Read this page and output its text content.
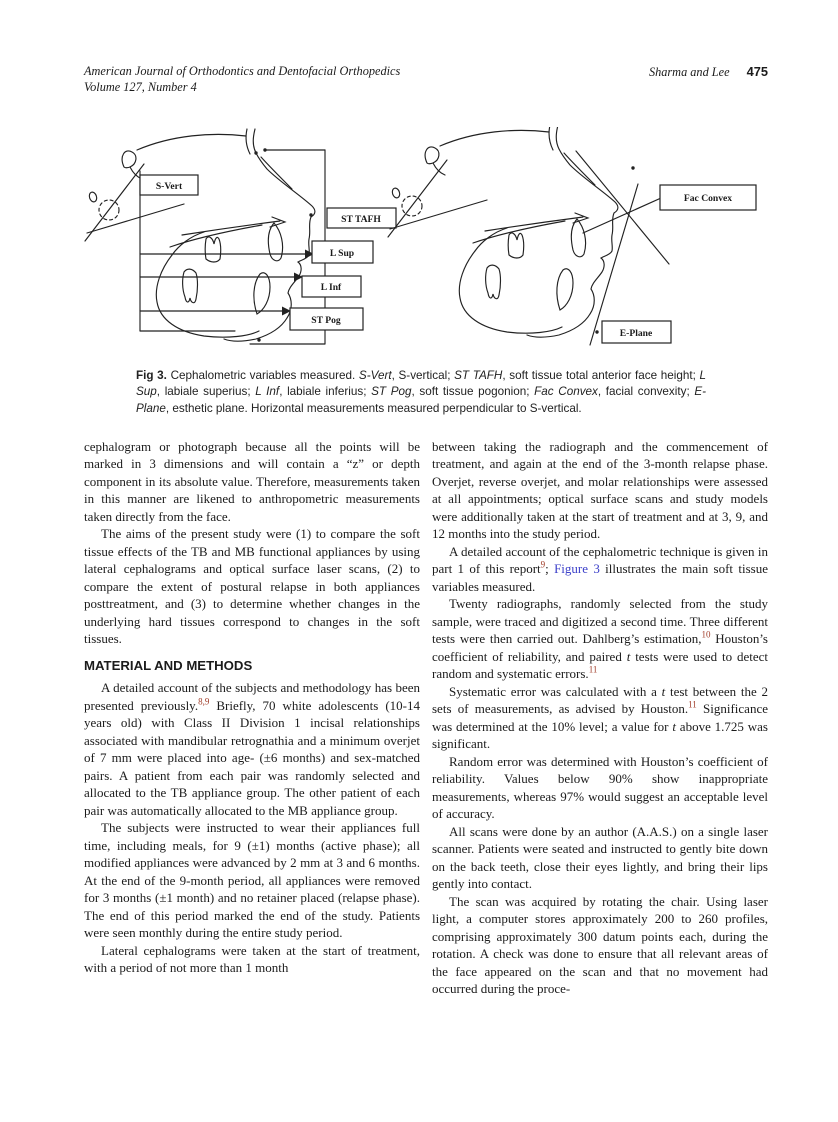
American Journal of Orthodontics and Dentofacial Orthopedics
Volume 127, Number 4
Sharma and Lee 475
S-Vert
ST TAFH
L Sup
L Inf
ST Pog
Fac Convex
E-Plane
Fig 3. Cephalometric variables measured. S-Vert, S-vertical; ST TAFH, soft tissue total anterior face height; L Sup, labiale superius; L Inf, labiale inferius; ST Pog, soft tissue pogonion; Fac Convex, facial convexity; E-Plane, esthetic plane. Horizontal measurements measured perpendicular to S-vertical.

cephalogram or photograph because all the points will be marked in 3 dimensions and will contain a “z” or depth component in its absolute value. Therefore, measurements taken in this manner are likened to anthropometric measurements taken directly from the face.

The aims of the present study were (1) to compare the soft tissue effects of the TB and MB functional appliances by using lateral cephalograms and optical surface laser scans, (2) to compare the extent of postural relapse in both appliances posttreatment, and (3) to determine whether changes in the underlying hard tissues correspond to changes in the soft tissues.

MATERIAL AND METHODS

A detailed account of the subjects and methodology has been presented previously.$^{8,9}$ Briefly, 70 white adolescents (10-14 years old) with Class II Division 1 incisal relationships associated with mandibular retrognathia and a minimum overjet of 7 mm were placed into age- (±6 months) and sex-matched pairs. A patient from each pair was randomly selected and allocated to the TB appliance group. The other patient of each pair was automatically allocated to the MB appliance group.

The subjects were instructed to wear their appliances full time, including meals, for 9 (±1) months (active phase); all modified appliances were advanced by 2 mm at 3 and 6 months. At the end of the 9-month period, all appliances were removed for 3 months (±1 month) and no retainer placed (relapse phase). The end of this period marked the end of the study. Patients were seen monthly during the entire study period.

Lateral cephalograms were taken at the start of treatment, with a period of not more than 1 month

between taking the radiograph and the commencement of treatment, and again at the end of the 3-month relapse phase. Overjet, reverse overjet, and molar relationships were assessed at all appointments; optical surface scans and study models were additionally taken at the start of treatment and at 3, 9, and 12 months into the study period.

A detailed account of the cephalometric technique is given in part 1 of this report$^9$; Figure 3 illustrates the main soft tissue variables measured.

Twenty radiographs, randomly selected from the study sample, were traced and digitized a second time. Three different tests were then carried out. Dahlberg’s estimation,$^{10}$ Houston’s coefficient of reliability, and paired t tests were used to detect random and systematic errors.$^{11}$

Systematic error was calculated with a t test between the 2 sets of measurements, as advised by Houston.$^{11}$ Significance was determined at the 10% level; a value for t above 1.725 was significant.

Random error was determined with Houston’s coefficient of reliability. Values below 90% show inappropriate measurements, whereas 97% would suggest an acceptable level of accuracy.

All scans were done by an author (A.A.S.) on a single laser scanner. Patients were seated and instructed to gently bite down on the back teeth, close their eyes lightly, and bring their lips gently into contact.

The scan was acquired by rotating the chair. Using laser light, a computer stores approximately 200 to 260 profiles, comprising approximately 300 datum points each, during the rotation. A check was done to ensure that all relevant areas of the face appeared on the scan and that no movement had occurred during the proce-
